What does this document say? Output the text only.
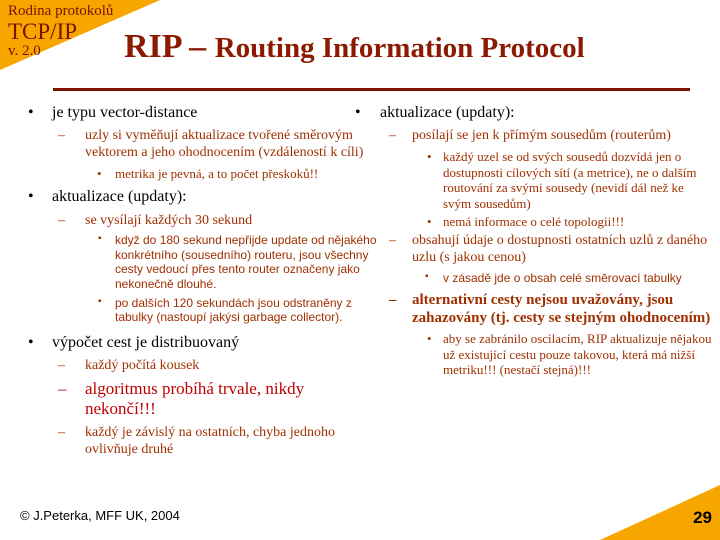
Rodina protokolů
TCP/IP
v. 2.0 RIP – Routing Information Protocol
• je typu vector-distance
– uzly si vyměňují aktualizace tvořené směrovým vektorem a jeho ohodnocením (vzdáleností k cíli)
• metrika je pevná, a to počet přeskoků!!
• aktualizace (updaty):
– se vysílají každých 30 sekund
▪ když do 180 sekund nepřijde update od nějakého konkrétního (sousedního) routeru, jsou všechny cesty vedoucí přes tento router označeny jako nekonečně dlouhé.
▪ po dalších 120 sekundách jsou odstraněny z tabulky (nastoupí jakýsi garbage collector).
• výpočet cest je distribuovaný
– každý počítá kousek
– algoritmus probíhá trvale, nikdy nekončí!!!
– každý je závislý na ostatních, chyba jednoho ovlivňuje druhé
• aktualizace (updaty):
– posílají se jen k přímým sousedům (routerům)
• každý uzel se od svých sousedů dozvídá jen o dostupnosti cílových sítí (a metrice), ne o dalším routování za svými sousedy (nevidí dál než ke svým sousedům)
• nemá informace o celé topologii!!!
– obsahují údaje o dostupnosti ostatních uzlů z daného uzlu (s jakou cenou)
▪ v zásadě jde o obsah celé směrovací tabulky
– alternativní cesty nejsou uvažovány, jsou zahazovány (tj. cesty se stejným ohodnocením)
• aby se zabránilo oscilacím, RIP aktualizuje nějakou už existující cestu pouze takovou, která má nižší metriku!!! (nestačí stejná)!!!
© J.Peterka, MFF UK, 2004	29
